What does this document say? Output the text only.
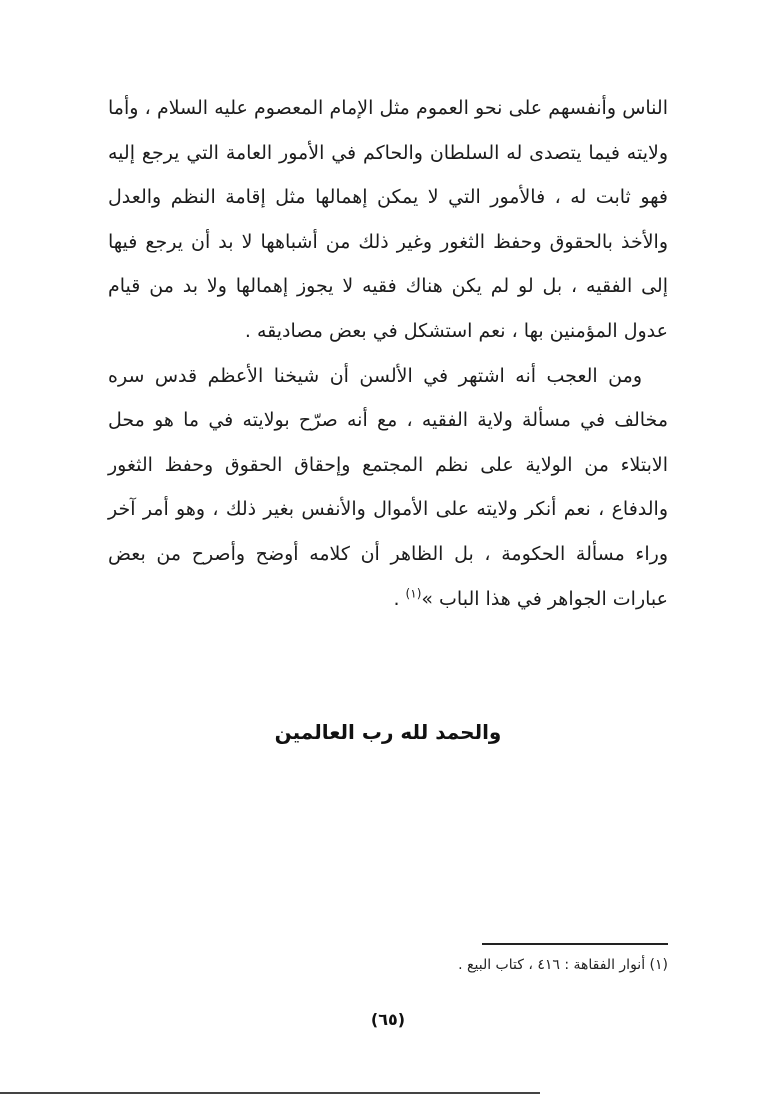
الناس وأنفسهم على نحو العموم مثل الإمام المعصوم عليه السلام ، وأما ولايته فيما يتصدى له السلطان والحاكم في الأمور العامة التي يرجع إليه فهو ثابت له ، فالأمور التي لا يمكن إهمالها مثل إقامة النظم والعدل والأخذ بالحقوق وحفظ الثغور وغير ذلك من أشباهها لا بد أن يرجع فيها إلى الفقيه ، بل لو لم يكن هناك فقيه لا يجوز إهمالها ولا بد من قيام عدول المؤمنين بها ، نعم استشكل في بعض مصاديقه .

ومن العجب أنه اشتهر في الألسن أن شيخنا الأعظم قدس سره مخالف في مسألة ولاية الفقيه ، مع أنه صرّح بولايته في ما هو محل الابتلاء من الولاية على نظم المجتمع وإحقاق الحقوق وحفظ الثغور والدفاع ، نعم أنكر ولايته على الأموال والأنفس بغير ذلك ، وهو أمر آخر وراء مسألة الحكومة ، بل الظاهر أن كلامه أوضح وأصرح من بعض عبارات الجواهر في هذا الباب »$^{(١)}$ .

والحمد لله رب العالمين
(١) أنوار الفقاهة : ٤١٦ ، كتاب البيع .
(٦٥)
